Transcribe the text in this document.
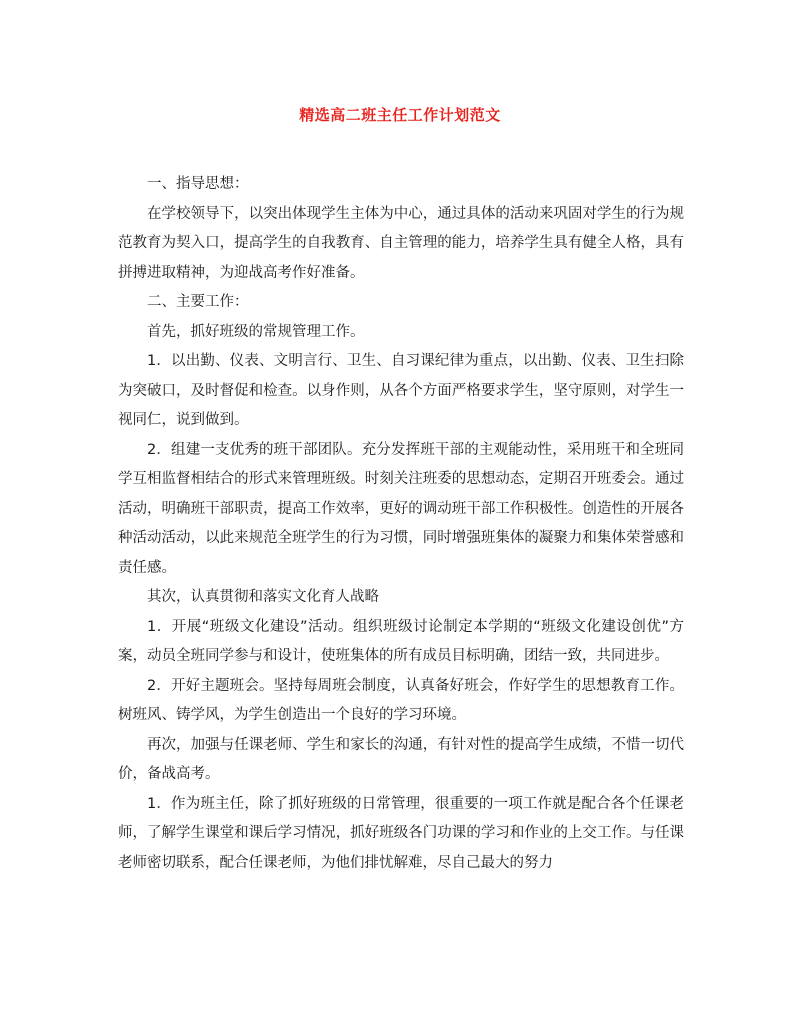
精选高二班主任工作计划范文

一、指导思想：

在学校领导下，以突出体现学生主体为中心，通过具体的活动来巩固对学生的行为规范教育为契入口，提高学生的自我教育、自主管理的能力，培养学生具有健全人格，具有拼搏进取精神，为迎战高考作好准备。

二、主要工作：

首先，抓好班级的常规管理工作。

1．以出勤、仪表、文明言行、卫生、自习课纪律为重点，以出勤、仪表、卫生扫除为突破口，及时督促和检查。以身作则，从各个方面严格要求学生，坚守原则，对学生一视同仁，说到做到。

2．组建一支优秀的班干部团队。充分发挥班干部的主观能动性，采用班干和全班同学互相监督相结合的形式来管理班级。时刻关注班委的思想动态，定期召开班委会。通过活动，明确班干部职责，提高工作效率，更好的调动班干部工作积极性。创造性的开展各种活动活动，以此来规范全班学生的行为习惯，同时增强班集体的凝聚力和集体荣誉感和责任感。

其次，认真贯彻和落实文化育人战略

1．开展“班级文化建设”活动。组织班级讨论制定本学期的“班级文化建设创优”方案，动员全班同学参与和设计，使班集体的所有成员目标明确，团结一致，共同进步。

2．开好主题班会。坚持每周班会制度，认真备好班会，作好学生的思想教育工作。树班风、铸学风，为学生创造出一个良好的学习环境。

再次，加强与任课老师、学生和家长的沟通，有针对性的提高学生成绩，不惜一切代价，备战高考。

1．作为班主任，除了抓好班级的日常管理，很重要的一项工作就是配合各个任课老师，了解学生课堂和课后学习情况，抓好班级各门功课的学习和作业的上交工作。与任课老师密切联系，配合任课老师，为他们排忧解难，尽自己最大的努力
